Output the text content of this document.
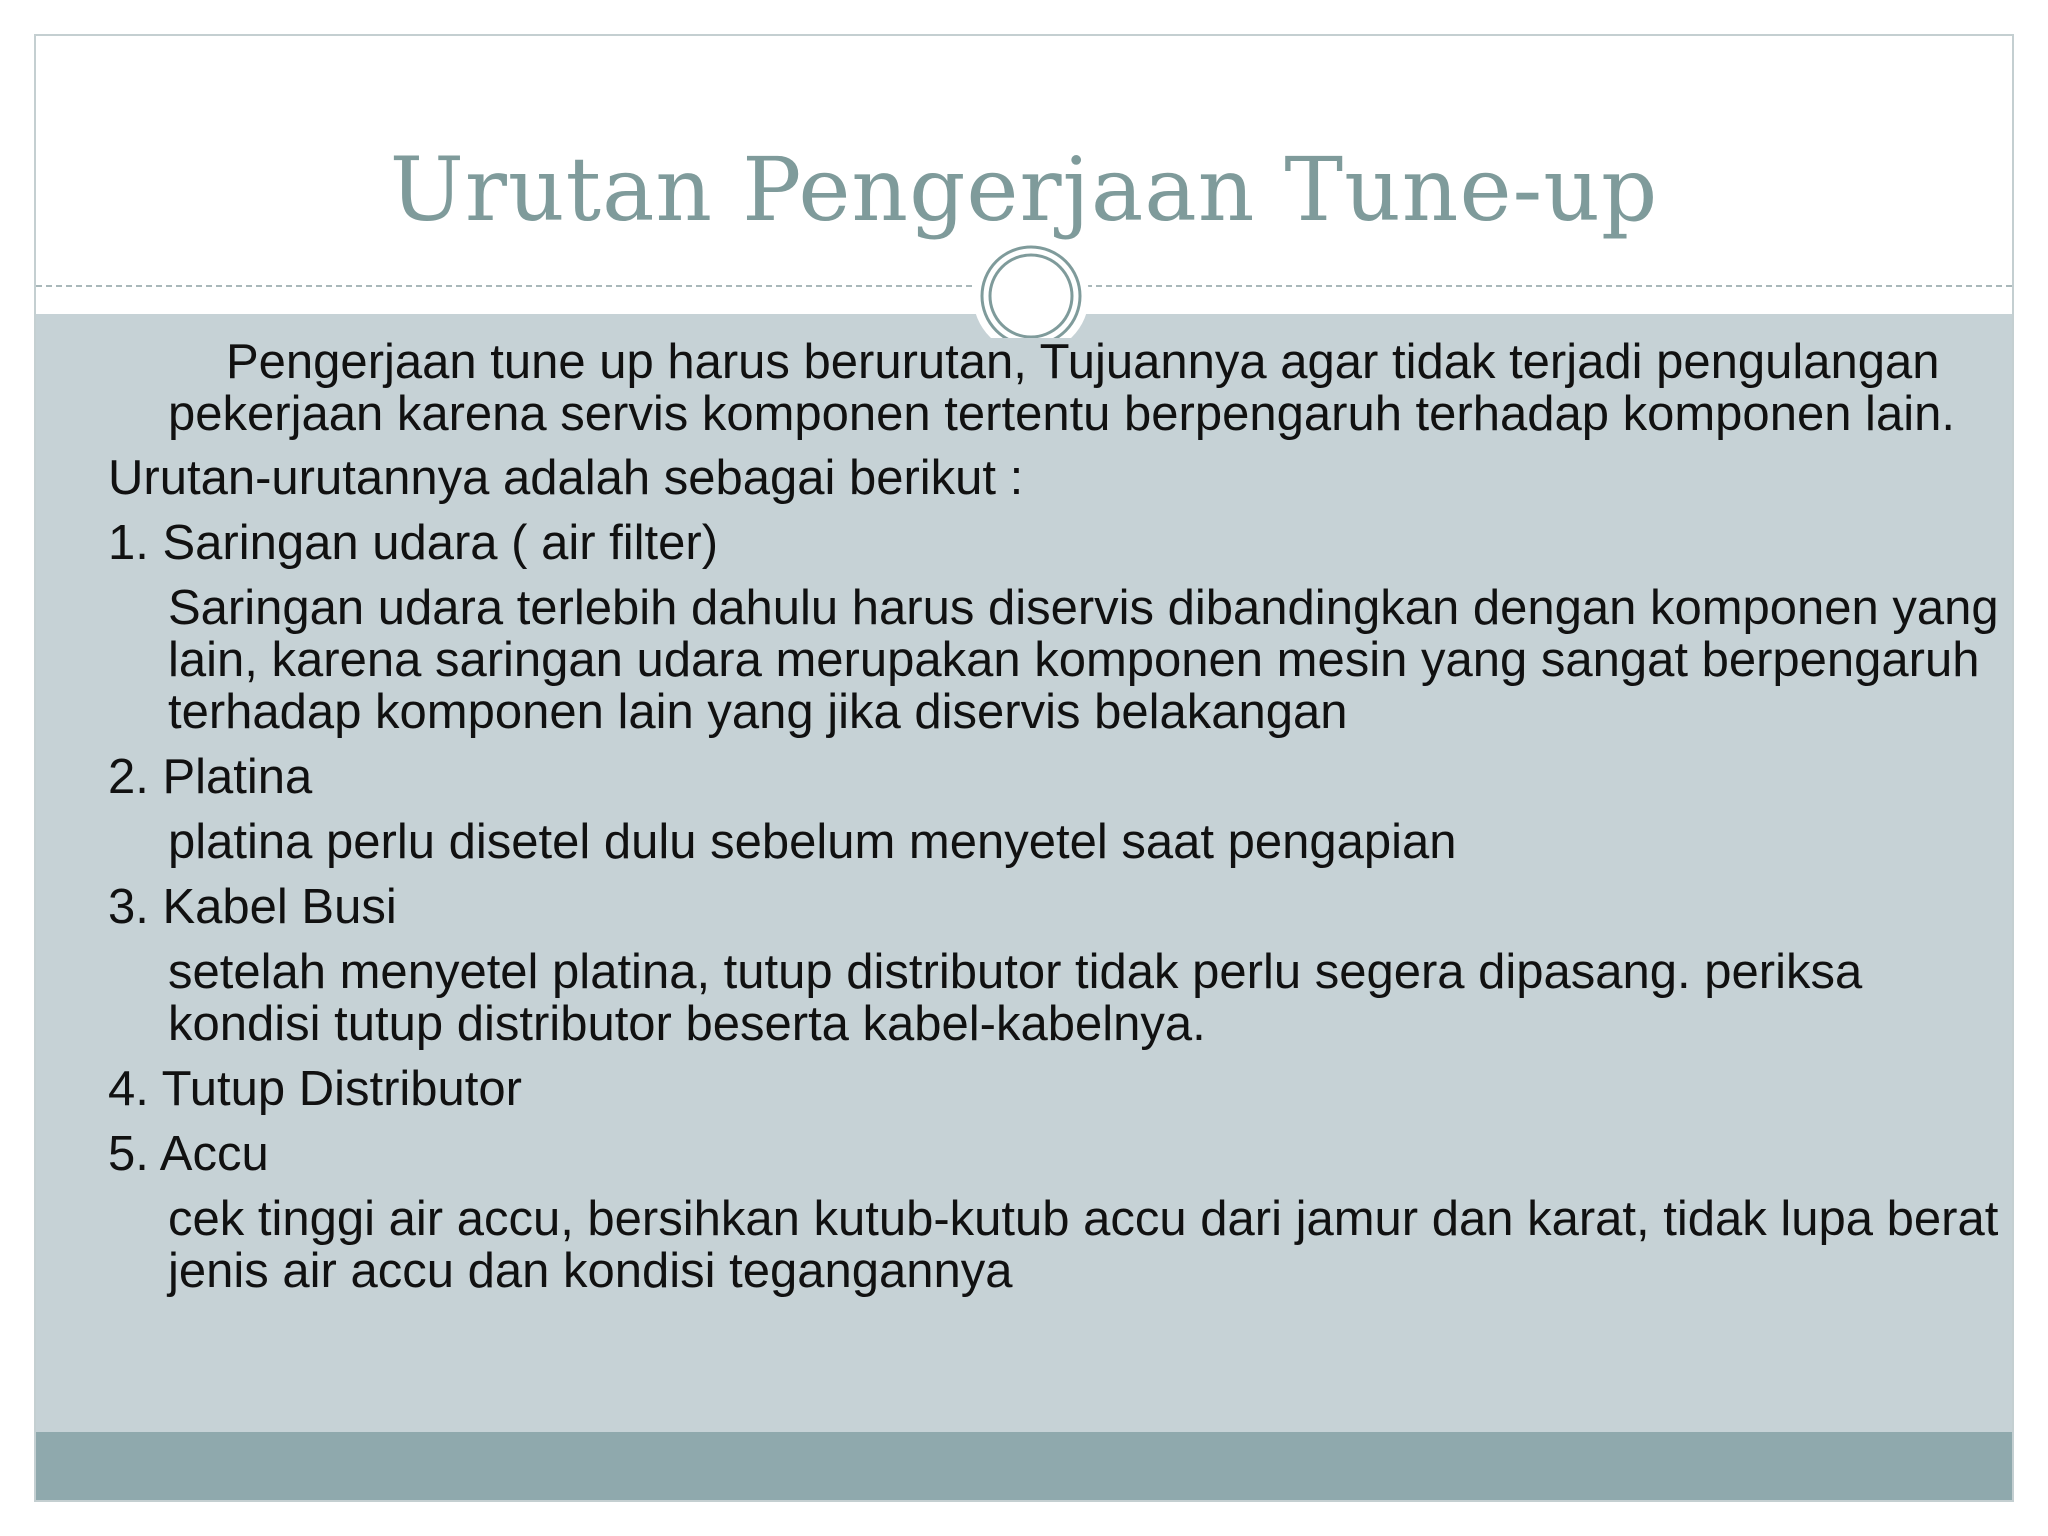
Urutan Pengerjaan Tune-up

Pengerjaan tune up harus berurutan, Tujuannya agar tidak terjadi pengulangan pekerjaan karena servis komponen tertentu berpengaruh terhadap komponen lain.

Urutan-urutannya adalah sebagai berikut :

1. Saringan udara ( air filter)

Saringan udara terlebih dahulu harus diservis dibandingkan dengan komponen yang lain, karena saringan udara merupakan komponen mesin yang sangat berpengaruh terhadap komponen lain yang jika diservis belakangan

2. Platina

platina perlu disetel dulu sebelum menyetel saat pengapian

3. Kabel Busi

setelah menyetel platina, tutup distributor tidak perlu segera dipasang. periksa kondisi tutup distributor beserta kabel-kabelnya.

4. Tutup Distributor

5. Accu

cek tinggi air accu, bersihkan kutub-kutub accu dari jamur dan karat, tidak lupa berat jenis air accu dan kondisi tegangannya
